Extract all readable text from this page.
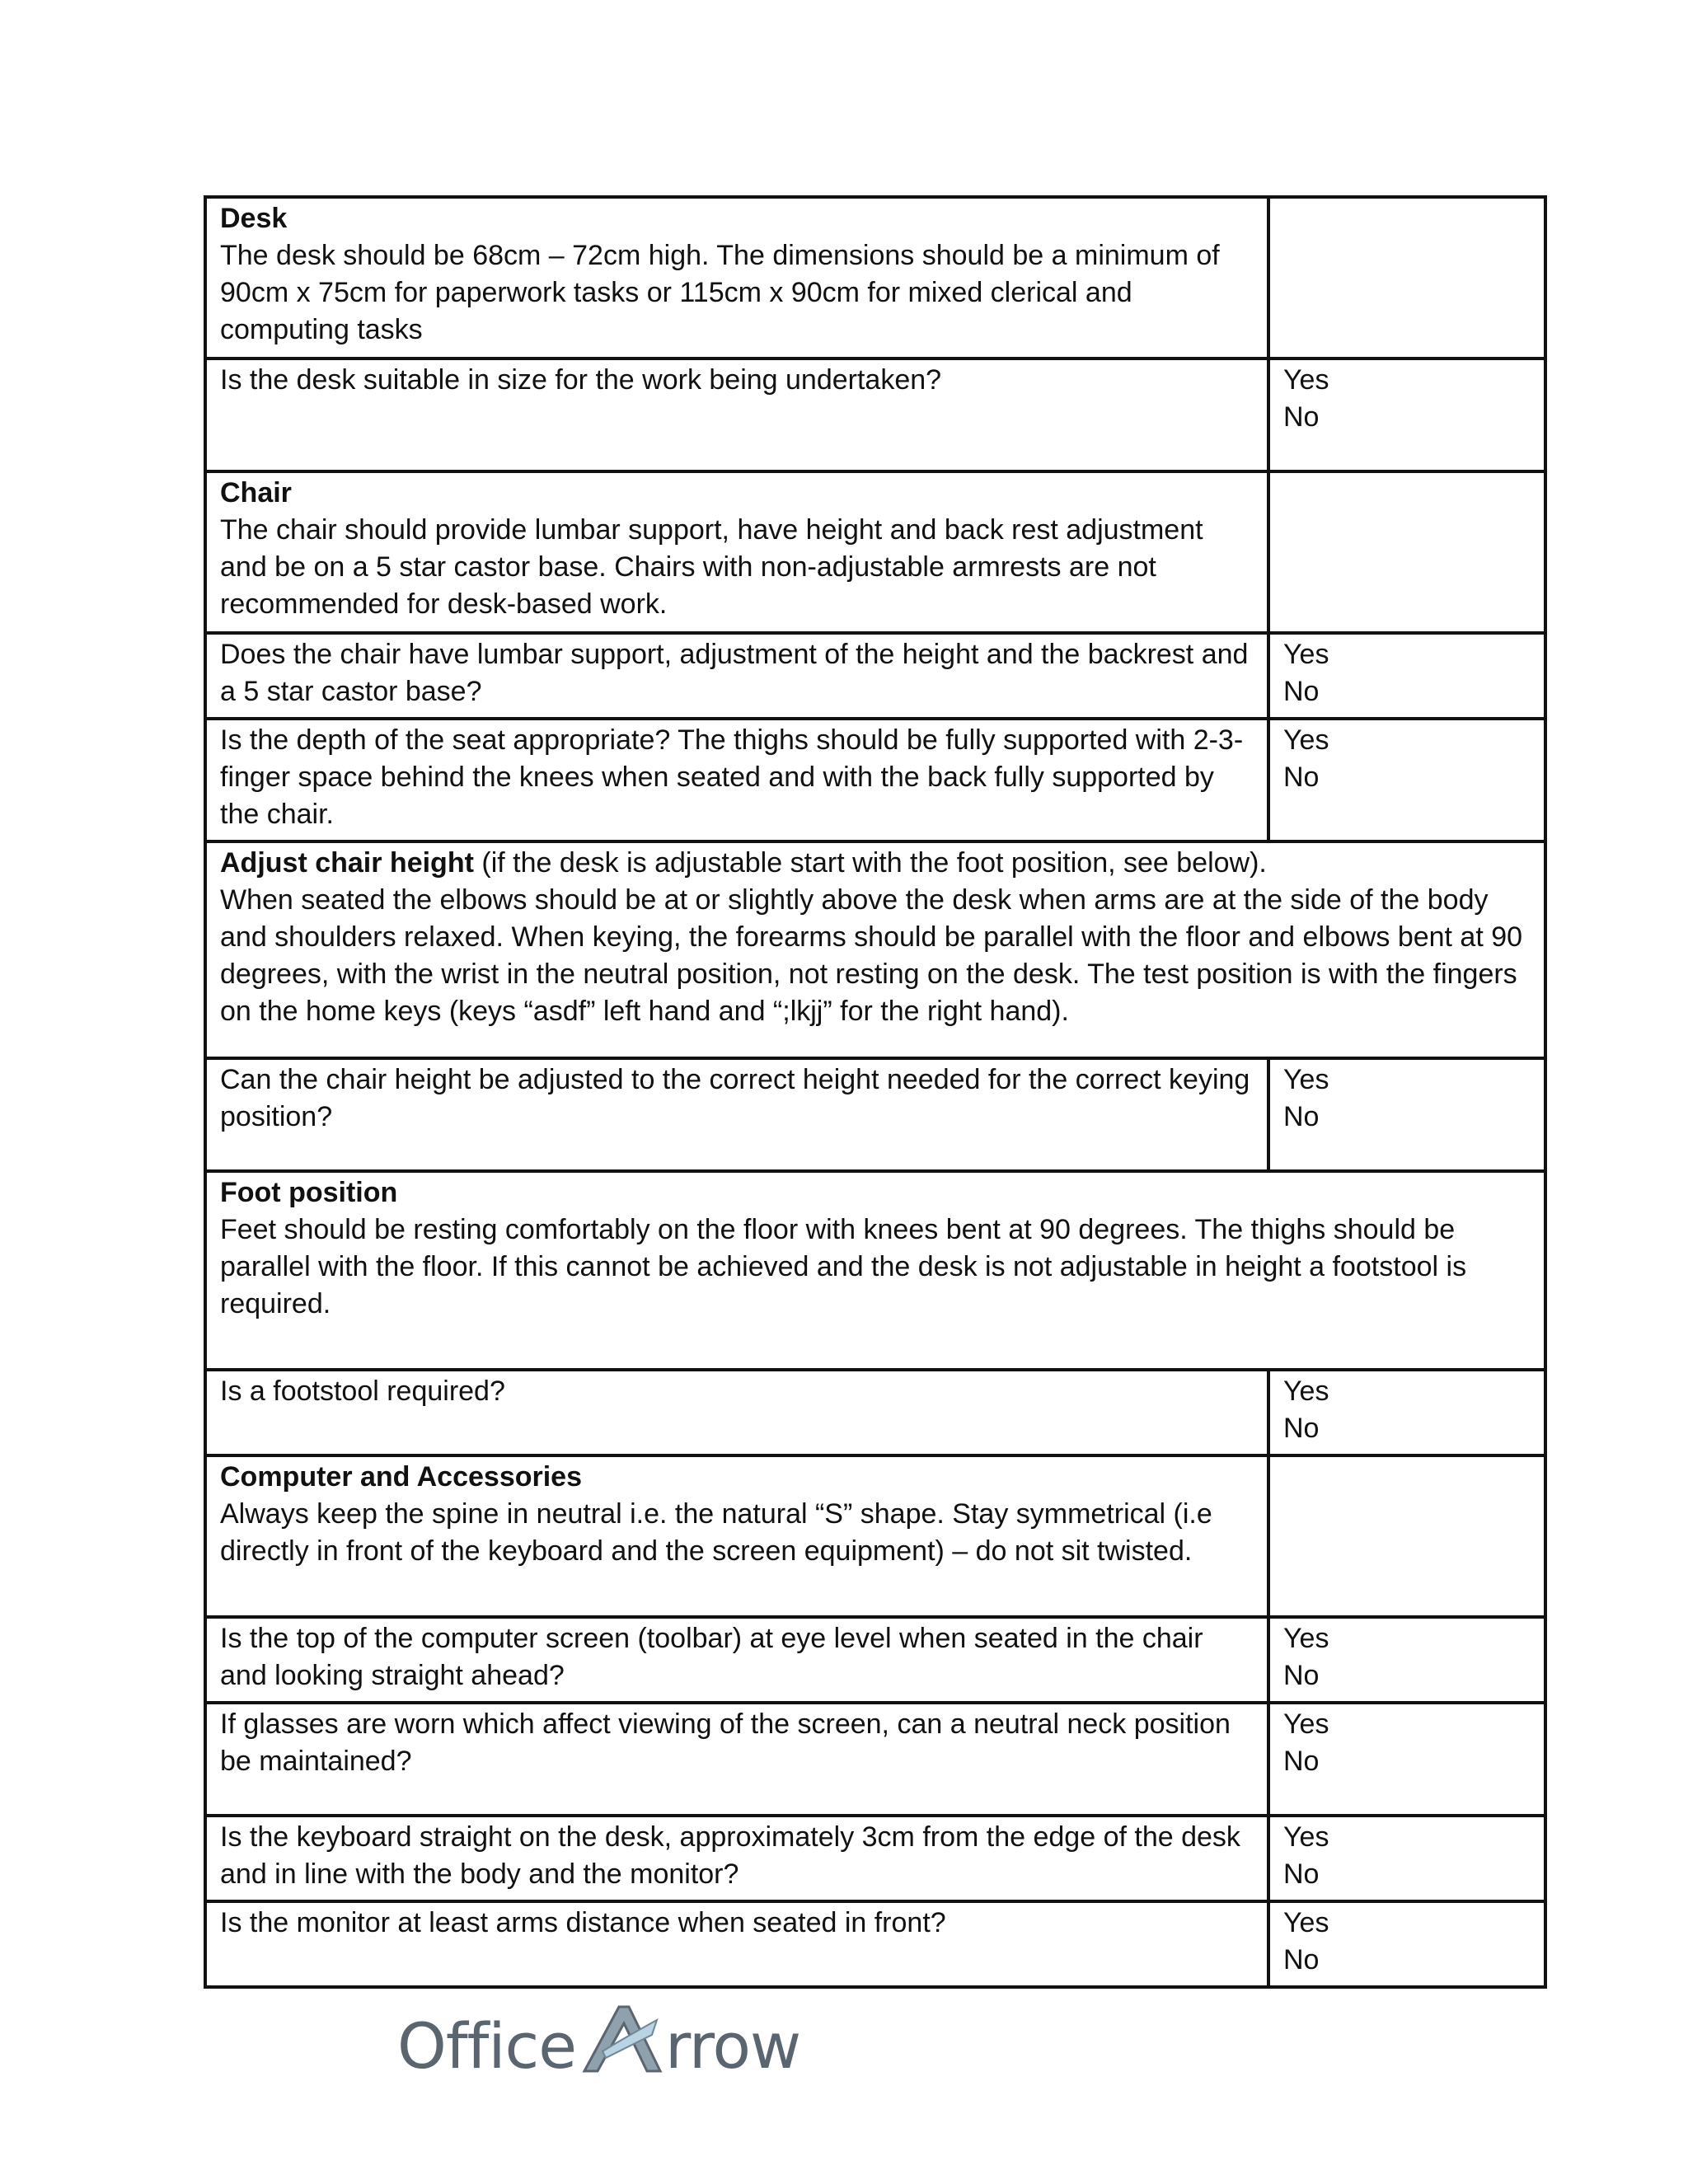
Desk
The desk should be 68cm – 72cm high. The dimensions should be a minimum of 90cm x 75cm for paperwork tasks or 115cm x 90cm for mixed clerical and computing tasks	

Is the desk suitable in size for the work being undertaken?	Yes
No

Chair
The chair should provide lumbar support, have height and back rest adjustment and be on a 5 star castor base. Chairs with non-adjustable armrests are not recommended for desk-based work.	

Does the chair have lumbar support, adjustment of the height and the backrest and a 5 star castor base?	Yes
No

Is the depth of the seat appropriate? The thighs should be fully supported with 2-3-finger space behind the knees when seated and with the back fully supported by the chair.	Yes
No

Adjust chair height (if the desk is adjustable start with the foot position, see below).
When seated the elbows should be at or slightly above the desk when arms are at the side of the body and shoulders relaxed. When keying, the forearms should be parallel with the floor and elbows bent at 90 degrees, with the wrist in the neutral position, not resting on the desk. The test position is with the fingers on the home keys (keys “asdf” left hand and “;lkjj” for the right hand).	

Can the chair height be adjusted to the correct height needed for the correct keying position?	Yes
No

Foot position
Feet should be resting comfortably on the floor with knees bent at 90 degrees. The thighs should be parallel with the floor. If this cannot be achieved and the desk is not adjustable in height a footstool is required.	

Is a footstool required?	Yes
No

Computer and Accessories
Always keep the spine in neutral i.e. the natural “S” shape. Stay symmetrical (i.e directly in front of the keyboard and the screen equipment) – do not sit twisted.	

Is the top of the computer screen (toolbar) at eye level when seated in the chair and looking straight ahead?	Yes
No

If glasses are worn which affect viewing of the screen, can a neutral neck position be maintained?	Yes
No

Is the keyboard straight on the desk, approximately 3cm from the edge of the desk and in line with the body and the monitor?	Yes
No

Is the monitor at least arms distance when seated in front?	Yes
No
Office rrow
